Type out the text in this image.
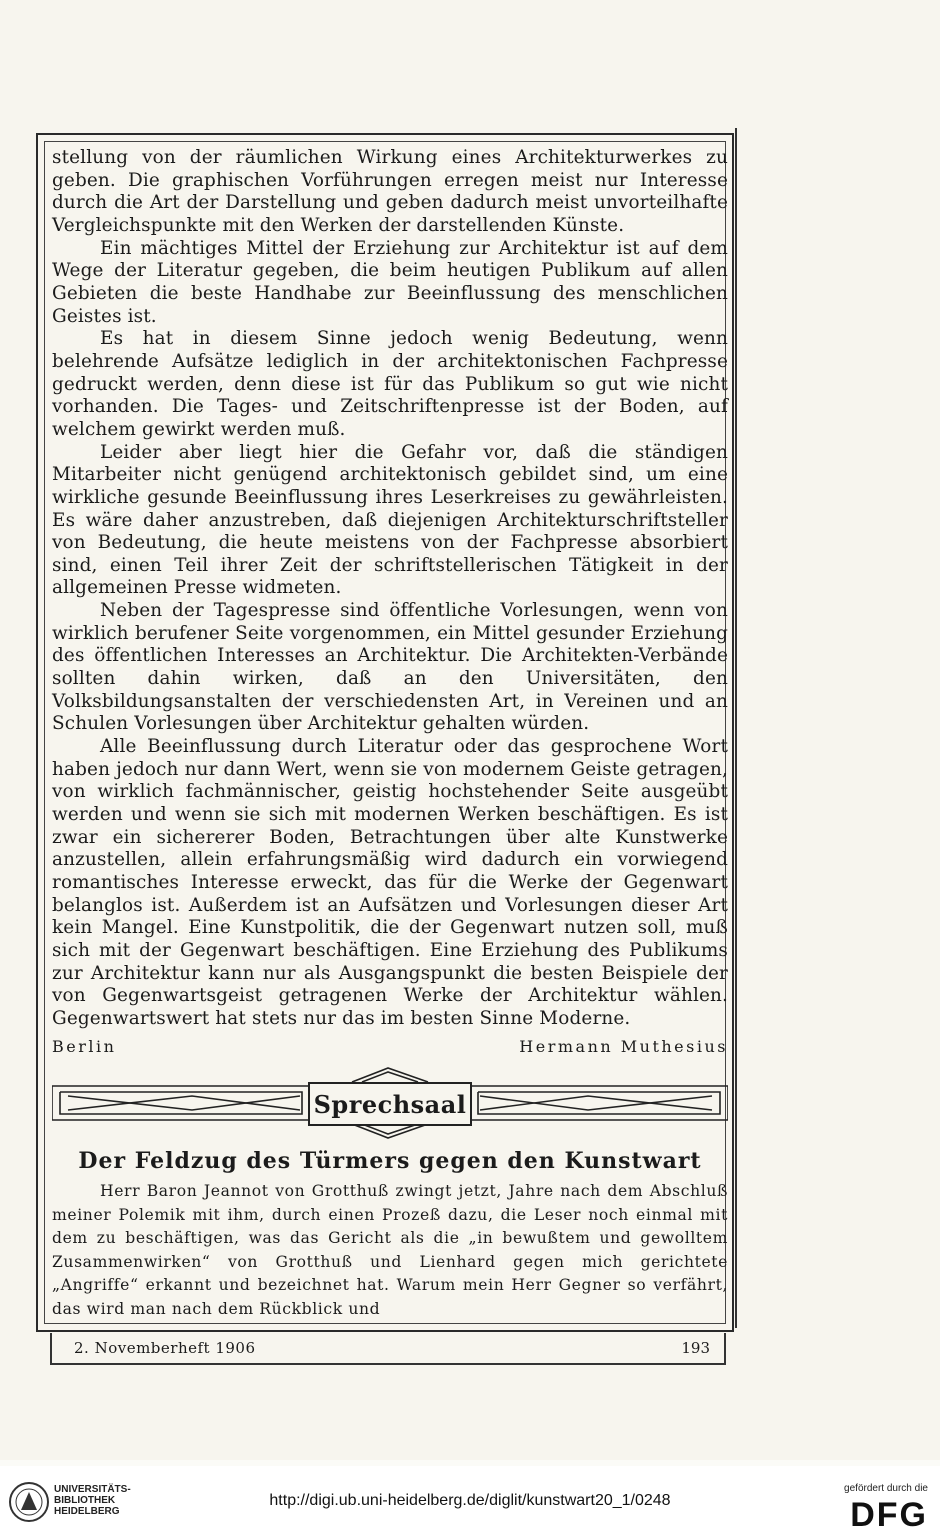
stellung von der räumlichen Wirkung eines Architekturwerkes zu geben. Die graphischen Vorführungen erregen meist nur Interesse durch die Art der Darstellung und geben dadurch meist unvorteilhafte Vergleichspunkte mit den Werken der darstellenden Künste.

Ein mächtiges Mittel der Erziehung zur Architektur ist auf dem Wege der Literatur gegeben, die beim heutigen Publikum auf allen Gebieten die beste Handhabe zur Beeinflussung des menschlichen Geistes ist.

Es hat in diesem Sinne jedoch wenig Bedeutung, wenn belehrende Aufsätze lediglich in der architektonischen Fachpresse gedruckt werden, denn diese ist für das Publikum so gut wie nicht vorhanden. Die Tages- und Zeitschriftenpresse ist der Boden, auf welchem gewirkt werden muß.

Leider aber liegt hier die Gefahr vor, daß die ständigen Mitarbeiter nicht genügend architektonisch gebildet sind, um eine wirkliche gesunde Beeinflussung ihres Leserkreises zu gewährleisten. Es wäre daher anzustreben, daß diejenigen Architekturschriftsteller von Bedeutung, die heute meistens von der Fachpresse absorbiert sind, einen Teil ihrer Zeit der schriftstellerischen Tätigkeit in der allgemeinen Presse widmeten.

Neben der Tagespresse sind öffentliche Vorlesungen, wenn von wirklich berufener Seite vorgenommen, ein Mittel gesunder Erziehung des öffentlichen Interesses an Architektur. Die Architekten-Verbände sollten dahin wirken, daß an den Universitäten, den Volksbildungsanstalten der verschiedensten Art, in Vereinen und an Schulen Vorlesungen über Architektur gehalten würden.

Alle Beeinflussung durch Literatur oder das gesprochene Wort haben jedoch nur dann Wert, wenn sie von modernem Geiste getragen, von wirklich fachmännischer, geistig hochstehender Seite ausgeübt werden und wenn sie sich mit modernen Werken beschäftigen. Es ist zwar ein sichererer Boden, Betrachtungen über alte Kunstwerke anzustellen, allein erfahrungsmäßig wird dadurch ein vorwiegend romantisches Interesse erweckt, das für die Werke der Gegenwart belanglos ist. Außerdem ist an Aufsätzen und Vorlesungen dieser Art kein Mangel. Eine Kunstpolitik, die der Gegenwart nutzen soll, muß sich mit der Gegenwart beschäftigen. Eine Erziehung des Publikums zur Architektur kann nur als Ausgangspunkt die besten Beispiele der von Gegenwartsgeist getragenen Werke der Architektur wählen. Gegenwartswert hat stets nur das im besten Sinne Moderne.

Berlin	Hermann Muthesius
Sprechsaal
Der Feldzug des Türmers gegen den Kunstwart

Herr Baron Jeannot von Grotthuß zwingt jetzt, Jahre nach dem Abschluß meiner Polemik mit ihm, durch einen Prozeß dazu, die Leser noch einmal mit dem zu beschäftigen, was das Gericht als die „in bewußtem und gewolltem Zusammenwirken“ von Grotthuß und Lienhard gegen mich gerichtete „Angriffe“ erkannt und bezeichnet hat. Warum mein Herr Gegner so verfährt, das wird man nach dem Rückblick und

2. Novemberheft 1906	193
UNIVERSITÄTS-
BIBLIOTHEK
HEIDELBERG
http://digi.ub.uni-heidelberg.de/diglit/kunstwart20_1/0248
gefördert durch die
DFG
